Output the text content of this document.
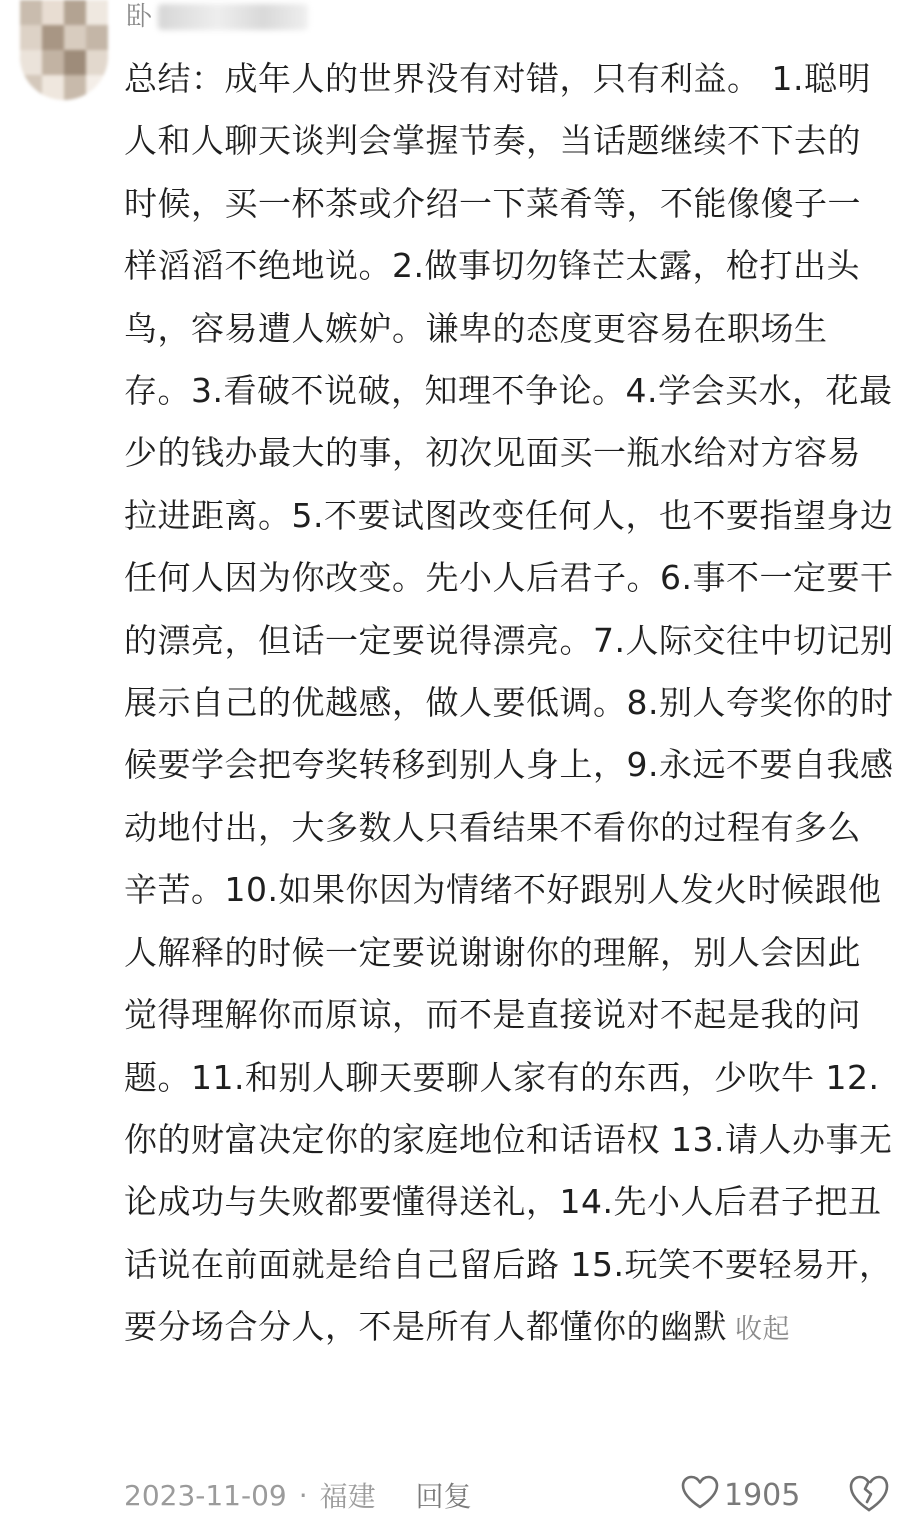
卧

总结：成年人的世界没有对错，只有利益。 1.聪明人和人聊天谈判会掌握节奏，当话题继续不下去的时候，买一杯茶或介绍一下菜肴等，不能像傻子一样滔滔不绝地说。2.做事切勿锋芒太露，枪打出头鸟，容易遭人嫉妒。谦卑的态度更容易在职场生存。3.看破不说破，知理不争论。4.学会买水，花最少的钱办最大的事，初次见面买一瓶水给对方容易拉进距离。5.不要试图改变任何人，也不要指望身边任何人因为你改变。先小人后君子。6.事不一定要干的漂亮，但话一定要说得漂亮。7.人际交往中切记别展示自己的优越感，做人要低调。8.别人夸奖你的时候要学会把夸奖转移到别人身上，9.永远不要自我感动地付出，大多数人只看结果不看你的过程有多么辛苦。10.如果你因为情绪不好跟别人发火时候跟他人解释的时候一定要说谢谢你的理解，别人会因此觉得理解你而原谅，而不是直接说对不起是我的问题。11.和别人聊天要聊人家有的东西，少吹牛 12.你的财富决定你的家庭地位和话语权 13.请人办事无论成功与失败都要懂得送礼，14.先小人后君子把丑话说在前面就是给自己留后路 15.玩笑不要轻易开，要分场合分人，不是所有人都懂你的幽默 收起

2023-11-09 · 福建 回复	1905
